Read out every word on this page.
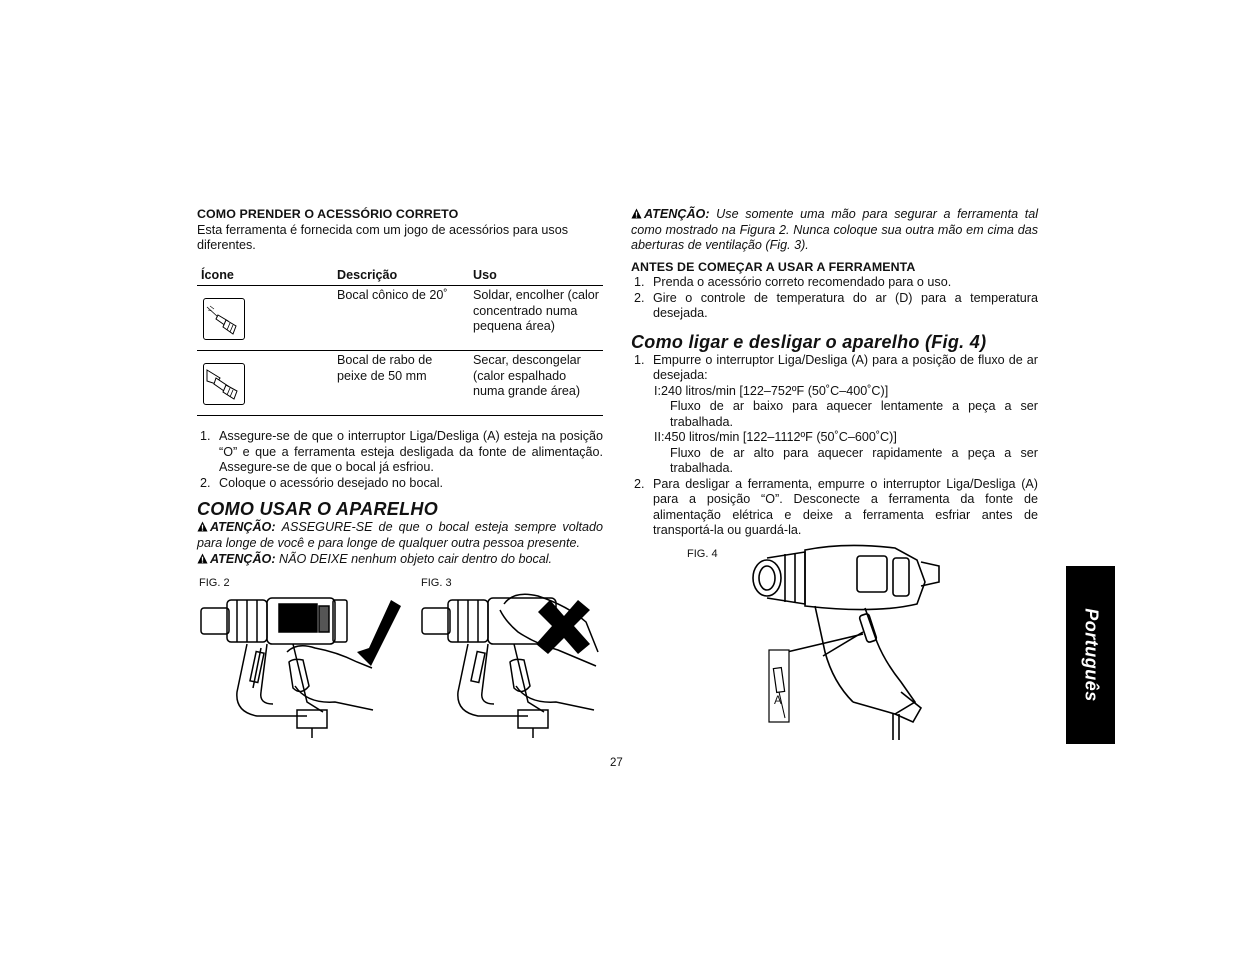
COMO PRENDER O ACESSÓRIO CORRETO

Esta ferramenta é fornecida com um jogo de acessórios para usos diferentes.

Ícone	Descrição	Uso

	Bocal cônico de 20˚	Soldar, encolher (calor concentrado numa pequena área)

	Bocal de rabo de peixe de 50 mm	Secar, descongelar (calor espalhado numa grande área)
1. Assegure-se de que o interruptor Liga/Desliga (A) esteja na posição “O” e que a ferramenta esteja desligada da fonte de alimentação. Assegure-se de que o bocal já esfriou.
2. Coloque o acessório desejado no bocal.

COMO USAR O APARELHO

ATENÇÃO: ASSEGURE-SE de que o bocal esteja sempre voltado para longe de você e para longe de qualquer outra pessoa presente.

ATENÇÃO: NÃO DEIXE nenhum objeto cair dentro do bocal.

FIG. 2	FIG. 3

ATENÇÃO: Use somente uma mão para segurar a ferramenta tal como mostrado na Figura 2. Nunca coloque sua outra mão em cima das aberturas de ventilação (Fig. 3).

ANTES DE COMEÇAR A USAR A FERRAMENTA

1. Prenda o acessório correto recomendado para o uso.
2. Gire o controle de temperatura do ar (D) para a temperatura desejada.

Como ligar e desligar o aparelho (Fig. 4)

1. Empurre o interruptor Liga/Desliga (A) para a posição de fluxo de ar desejada:

I:240 litros/min [122–752ºF (50˚C–400˚C)]

Fluxo de ar baixo para aquecer lentamente a peça a ser trabalhada.

II:450 litros/min [122–1112ºF (50˚C–600˚C)]

Fluxo de ar alto para aquecer rapidamente a peça a ser trabalhada.

2. Para desligar a ferramenta, empurre o interruptor Liga/Desliga (A) para a posição “O”. Desconecte a ferramenta da fonte de alimentação elétrica e deixe a ferramenta esfriar antes de transportá-la ou guardá-la.
FIG. 4
A
27
Português
